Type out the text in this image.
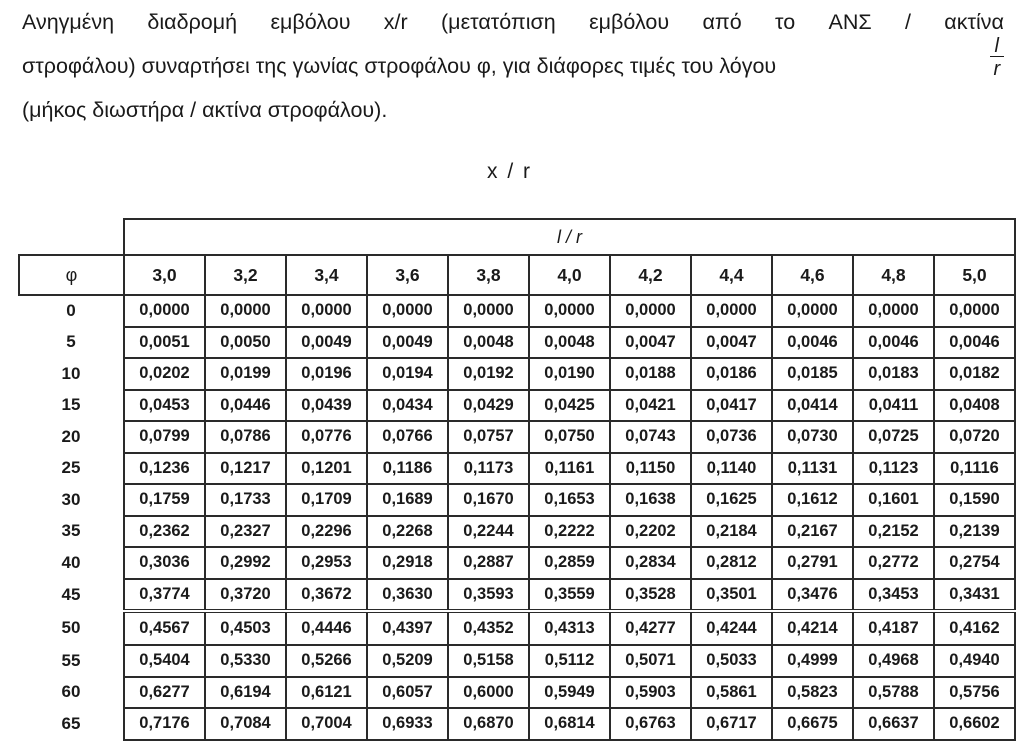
Ανηγμένη διαδρομή εμβόλου x/r (μετατόπιση εμβόλου από το ΑΝΣ / ακτίνα
στροφάλου) συναρτήσει της γωνίας στροφάλου φ, για διάφορες τιμές του λόγου	$\frac{l}{r}$
(μήκος διωστήρα / ακτίνα στροφάλου).
x / r
	l / r										
φ	3,0	3,2	3,4	3,6	3,8	4,0	4,2	4,4	4,6	4,8	5,0
0	0,0000	0,0000	0,0000	0,0000	0,0000	0,0000	0,0000	0,0000	0,0000	0,0000	0,0000
5	0,0051	0,0050	0,0049	0,0049	0,0048	0,0048	0,0047	0,0047	0,0046	0,0046	0,0046
10	0,0202	0,0199	0,0196	0,0194	0,0192	0,0190	0,0188	0,0186	0,0185	0,0183	0,0182
15	0,0453	0,0446	0,0439	0,0434	0,0429	0,0425	0,0421	0,0417	0,0414	0,0411	0,0408
20	0,0799	0,0786	0,0776	0,0766	0,0757	0,0750	0,0743	0,0736	0,0730	0,0725	0,0720
25	0,1236	0,1217	0,1201	0,1186	0,1173	0,1161	0,1150	0,1140	0,1131	0,1123	0,1116
30	0,1759	0,1733	0,1709	0,1689	0,1670	0,1653	0,1638	0,1625	0,1612	0,1601	0,1590
35	0,2362	0,2327	0,2296	0,2268	0,2244	0,2222	0,2202	0,2184	0,2167	0,2152	0,2139
40	0,3036	0,2992	0,2953	0,2918	0,2887	0,2859	0,2834	0,2812	0,2791	0,2772	0,2754
45	0,3774	0,3720	0,3672	0,3630	0,3593	0,3559	0,3528	0,3501	0,3476	0,3453	0,3431
50	0,4567	0,4503	0,4446	0,4397	0,4352	0,4313	0,4277	0,4244	0,4214	0,4187	0,4162
55	0,5404	0,5330	0,5266	0,5209	0,5158	0,5112	0,5071	0,5033	0,4999	0,4968	0,4940
60	0,6277	0,6194	0,6121	0,6057	0,6000	0,5949	0,5903	0,5861	0,5823	0,5788	0,5756
65	0,7176	0,7084	0,7004	0,6933	0,6870	0,6814	0,6763	0,6717	0,6675	0,6637	0,6602
